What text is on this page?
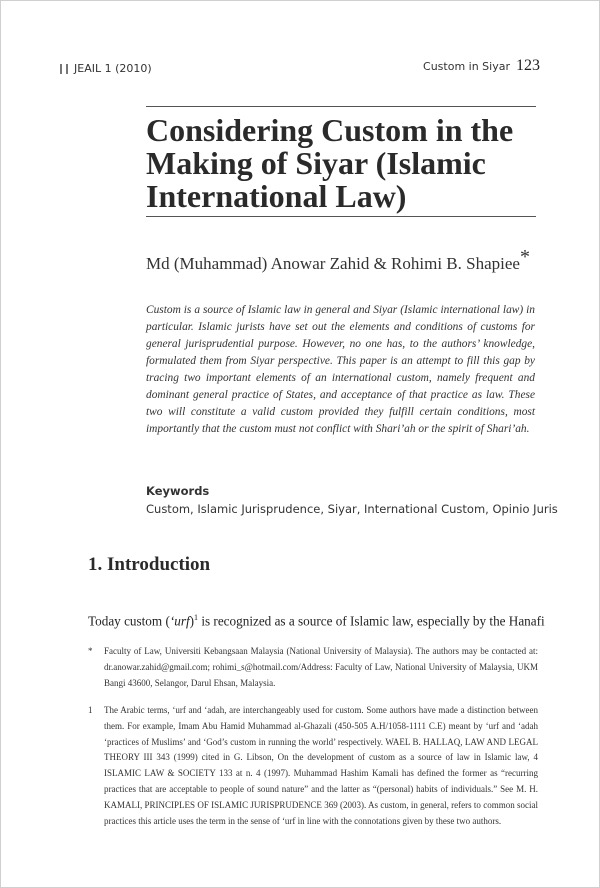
JEAIL 1 (2010)	Custom in Siyar 123
Considering Custom in the Making of Siyar (Islamic International Law)
Md (Muhammad) Anowar Zahid & Rohimi B. Shapiee*

Custom is a source of Islamic law in general and Siyar (Islamic international law) in particular. Islamic jurists have set out the elements and conditions of customs for general jurisprudential purpose. However, no one has, to the authors’ knowledge, formulated them from Siyar perspective. This paper is an attempt to fill this gap by tracing two important elements of an international custom, namely frequent and dominant general practice of States, and acceptance of that practice as law. These two will constitute a valid custom provided they fulfill certain conditions, most importantly that the custom must not conflict with Shari’ah or the spirit of Shari’ah.

Keywords
Custom, Islamic Jurisprudence, Siyar, International Custom, Opinio Juris
1. Introduction
Today custom (‘urf)$^1$ is recognized as a source of Islamic law, especially by the Hanafi
* Faculty of Law, Universiti Kebangsaan Malaysia (National University of Malaysia). The authors may be contacted at: dr.anowar.zahid@gmail.com; rohimi_s@hotmail.com/Address: Faculty of Law, National University of Malaysia, UKM Bangi 43600, Selangor, Darul Ehsan, Malaysia.
1 The Arabic terms, ‘urf and ‘adah, are interchangeably used for custom. Some authors have made a distinction between them. For example, Imam Abu Hamid Muhammad al-Ghazali (450-505 A.H/1058-1111 C.E) meant by ‘urf and ‘adah ‘practices of Muslims’ and ‘God’s custom in running the world’ respectively. WAEL B. HALLAQ, LAW AND LEGAL THEORY III 343 (1999) cited in G. Libson, On the development of custom as a source of law in Islamic law, 4 ISLAMIC LAW & SOCIETY 133 at n. 4 (1997). Muhammad Hashim Kamali has defined the former as “recurring practices that are acceptable to people of sound nature” and the latter as “(personal) habits of individuals.” See M. H. KAMALI, PRINCIPLES OF ISLAMIC JURISPRUDENCE 369 (2003). As custom, in general, refers to common social practices this article uses the term in the sense of ‘urf in line with the connotations given by these two authors.
